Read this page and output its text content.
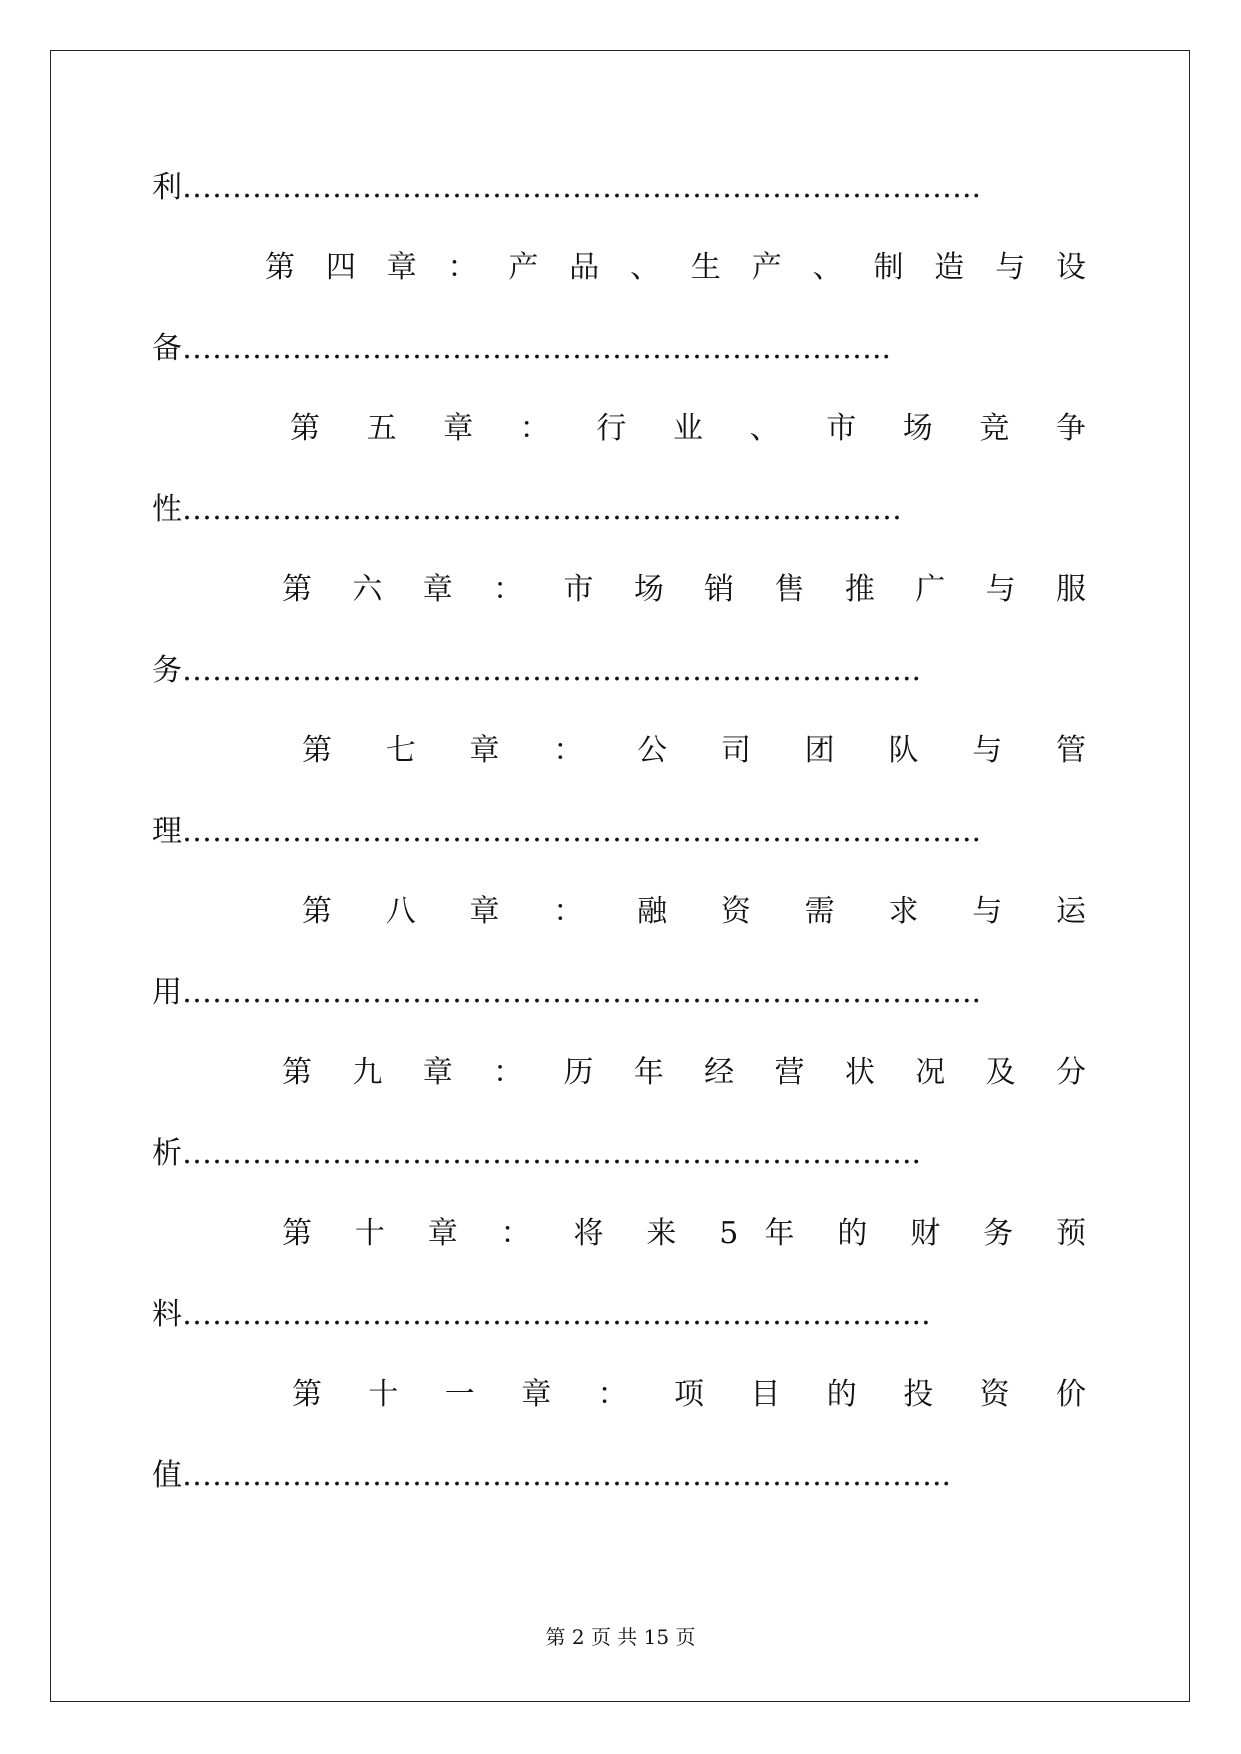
利……………………………………………………………………..
第 四 章 ： 产 品 、 生 产 、 制 造 与 设
备……………………………………………………………..
第 五 章 ： 行 业 、 市 场 竞 争
性………………………………………………………………
第 六 章 ： 市 场 销 售 推 广 与 服
务………………………………………………………………..
第 七 章 ： 公 司 团 队 与 管
理……………………………………………………………………..
第 八 章 ： 融 资 需 求 与 运
用……………………………………………………………………..
第 九 章 ： 历 年 经 营 状 况 及 分
析………………………………………………………………..
第 十 章 ： 将 来 5 年 的 财 务 预
料………………………………………………………………...
第 十 一 章 ： 项 目 的 投 资 价
值…………………………………………………………………..
第 2 页 共 15 页
